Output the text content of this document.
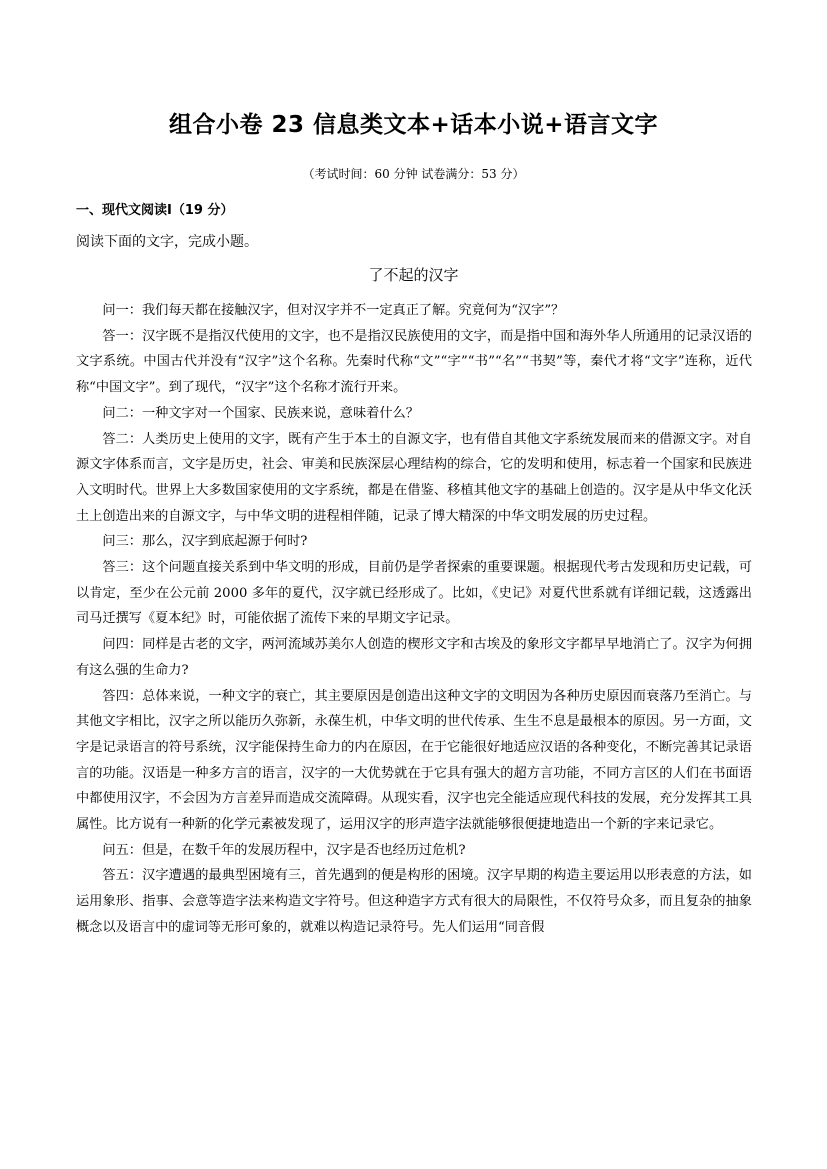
组合小卷 23 信息类文本+话本小说+语言文字
（考试时间：60 分钟 试卷满分：53 分）
一、现代文阅读Ⅰ（19 分）
阅读下面的文字，完成小题。
了不起的汉字

问一：我们每天都在接触汉字，但对汉字并不一定真正了解。究竟何为“汉字”？

答一：汉字既不是指汉代使用的文字，也不是指汉民族使用的文字，而是指中国和海外华人所通用的记录汉语的文字系统。中国古代并没有“汉字”这个名称。先秦时代称“文”“字”“书”“名”“书契”等，秦代才将“文字”连称，近代称“中国文字”。到了现代，“汉字”这个名称才流行开来。

问二：一种文字对一个国家、民族来说，意味着什么？

答二：人类历史上使用的文字，既有产生于本土的自源文字，也有借自其他文字系统发展而来的借源文字。对自源文字体系而言，文字是历史，社会、审美和民族深层心理结构的综合，它的发明和使用，标志着一个国家和民族进入文明时代。世界上大多数国家使用的文字系统，都是在借鉴、移植其他文字的基础上创造的。汉字是从中华文化沃土上创造出来的自源文字，与中华文明的进程相伴随，记录了博大精深的中华文明发展的历史过程。

问三：那么，汉字到底起源于何时?

答三：这个问题直接关系到中华文明的形成，目前仍是学者探索的重要课题。根据现代考古发现和历史记载，可以肯定，至少在公元前 2000 多年的夏代，汉字就已经形成了。比如，《史记》对夏代世系就有详细记载，这透露出司马迁撰写《夏本纪》时，可能依据了流传下来的早期文字记录。

问四：同样是古老的文字，两河流域苏美尔人创造的楔形文字和古埃及的象形文字都早早地消亡了。汉字为何拥有这么强的生命力?

答四：总体来说，一种文字的衰亡，其主要原因是创造出这种文字的文明因为各种历史原因而衰落乃至消亡。与其他文字相比，汉字之所以能历久弥新，永葆生机，中华文明的世代传承、生生不息是最根本的原因。另一方面，文字是记录语言的符号系统，汉字能保持生命力的内在原因，在于它能很好地适应汉语的各种变化，不断完善其记录语言的功能。汉语是一种多方言的语言，汉字的一大优势就在于它具有强大的超方言功能，不同方言区的人们在书面语中都使用汉字，不会因为方言差异而造成交流障碍。从现实看，汉字也完全能适应现代科技的发展，充分发挥其工具属性。比方说有一种新的化学元素被发现了，运用汉字的形声造字法就能够很便捷地造出一个新的字来记录它。

问五：但是，在数千年的发展历程中，汉字是否也经历过危机?

答五：汉字遭遇的最典型困境有三，首先遇到的便是构形的困境。汉字早期的构造主要运用以形表意的方法，如运用象形、指事、会意等造字法来构造文字符号。但这种造字方式有很大的局限性，不仅符号众多，而且复杂的抽象概念以及语言中的虚词等无形可象的，就难以构造记录符号。先人们运用“同音假
